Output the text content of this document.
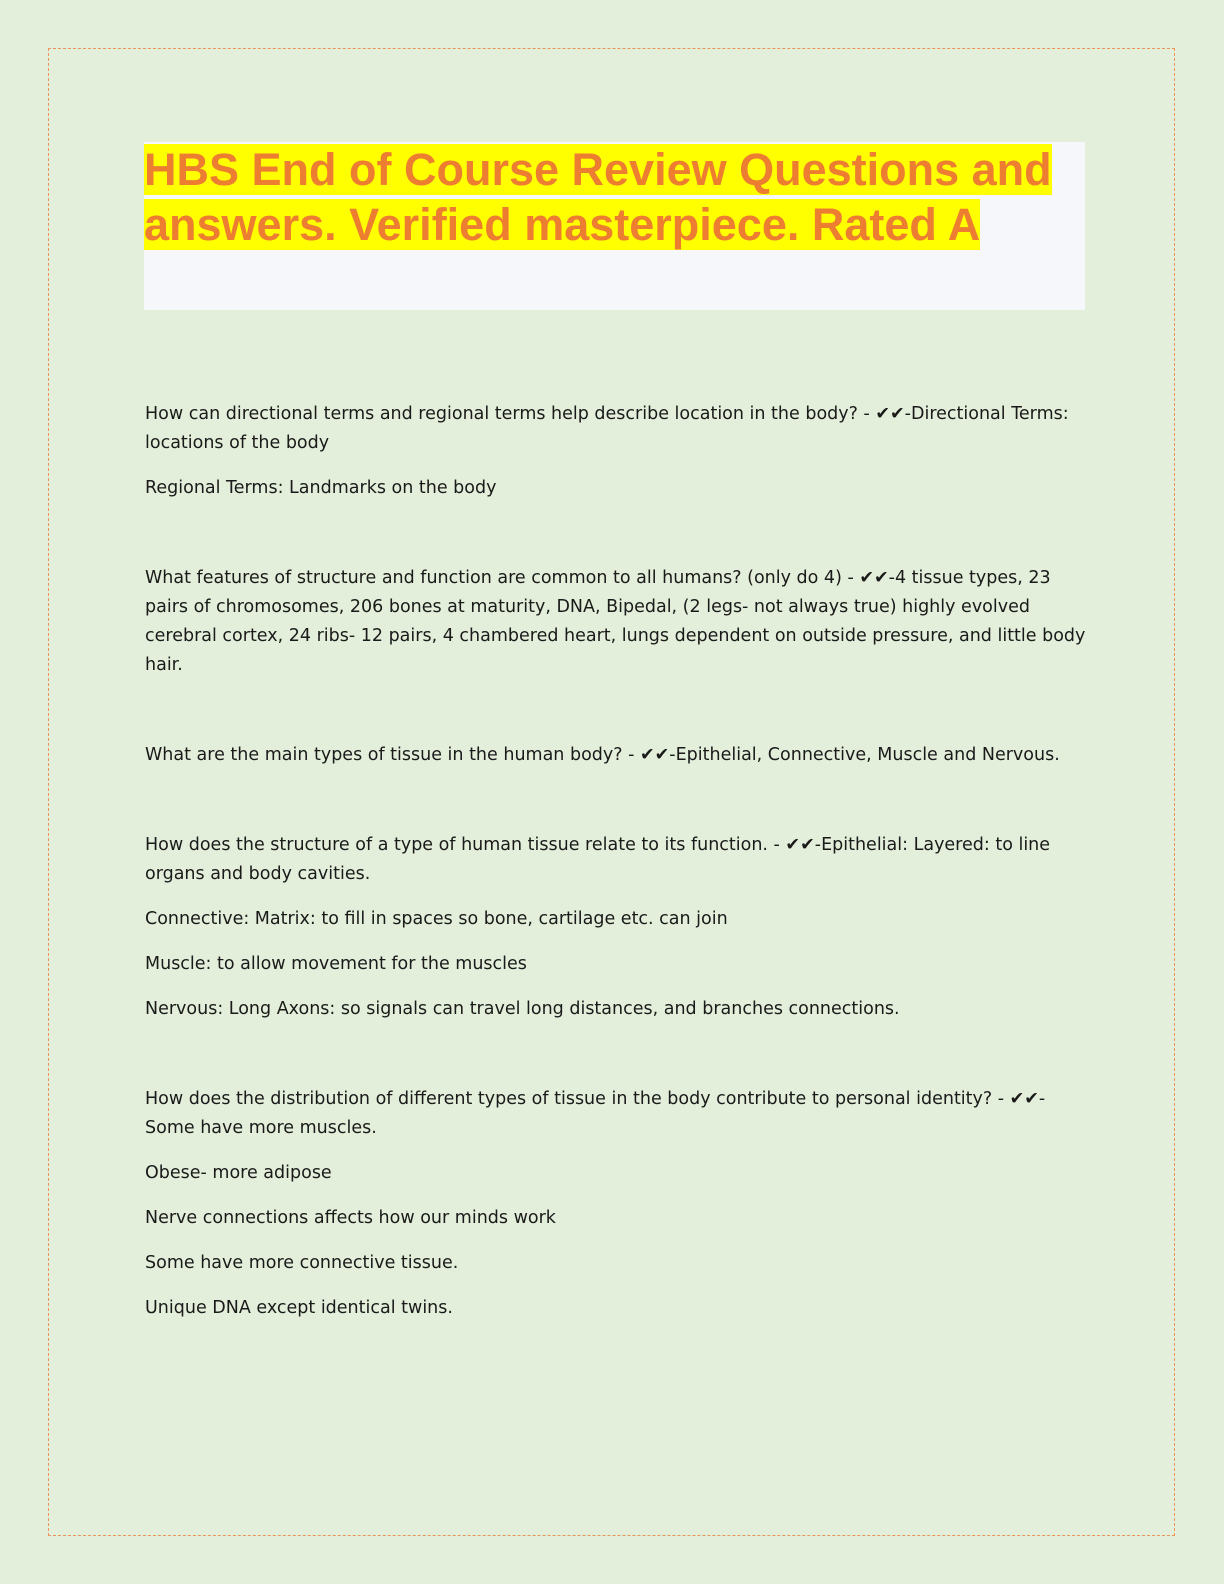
HBS End of Course Review Questions and answers. Verified masterpiece. Rated A

How can directional terms and regional terms help describe location in the body? - ✔✔-Directional Terms: locations of the body

Regional Terms: Landmarks on the body

What features of structure and function are common to all humans? (only do 4) - ✔✔-4 tissue types, 23 pairs of chromosomes, 206 bones at maturity, DNA, Bipedal, (2 legs- not always true) highly evolved cerebral cortex, 24 ribs- 12 pairs, 4 chambered heart, lungs dependent on outside pressure, and little body hair.

What are the main types of tissue in the human body? - ✔✔-Epithelial, Connective, Muscle and Nervous.

How does the structure of a type of human tissue relate to its function. - ✔✔-Epithelial: Layered: to line organs and body cavities.

Connective: Matrix: to fill in spaces so bone, cartilage etc. can join

Muscle: to allow movement for the muscles

Nervous: Long Axons: so signals can travel long distances, and branches connections.

How does the distribution of different types of tissue in the body contribute to personal identity? - ✔✔-Some have more muscles.

Obese- more adipose

Nerve connections affects how our minds work

Some have more connective tissue.

Unique DNA except identical twins.
